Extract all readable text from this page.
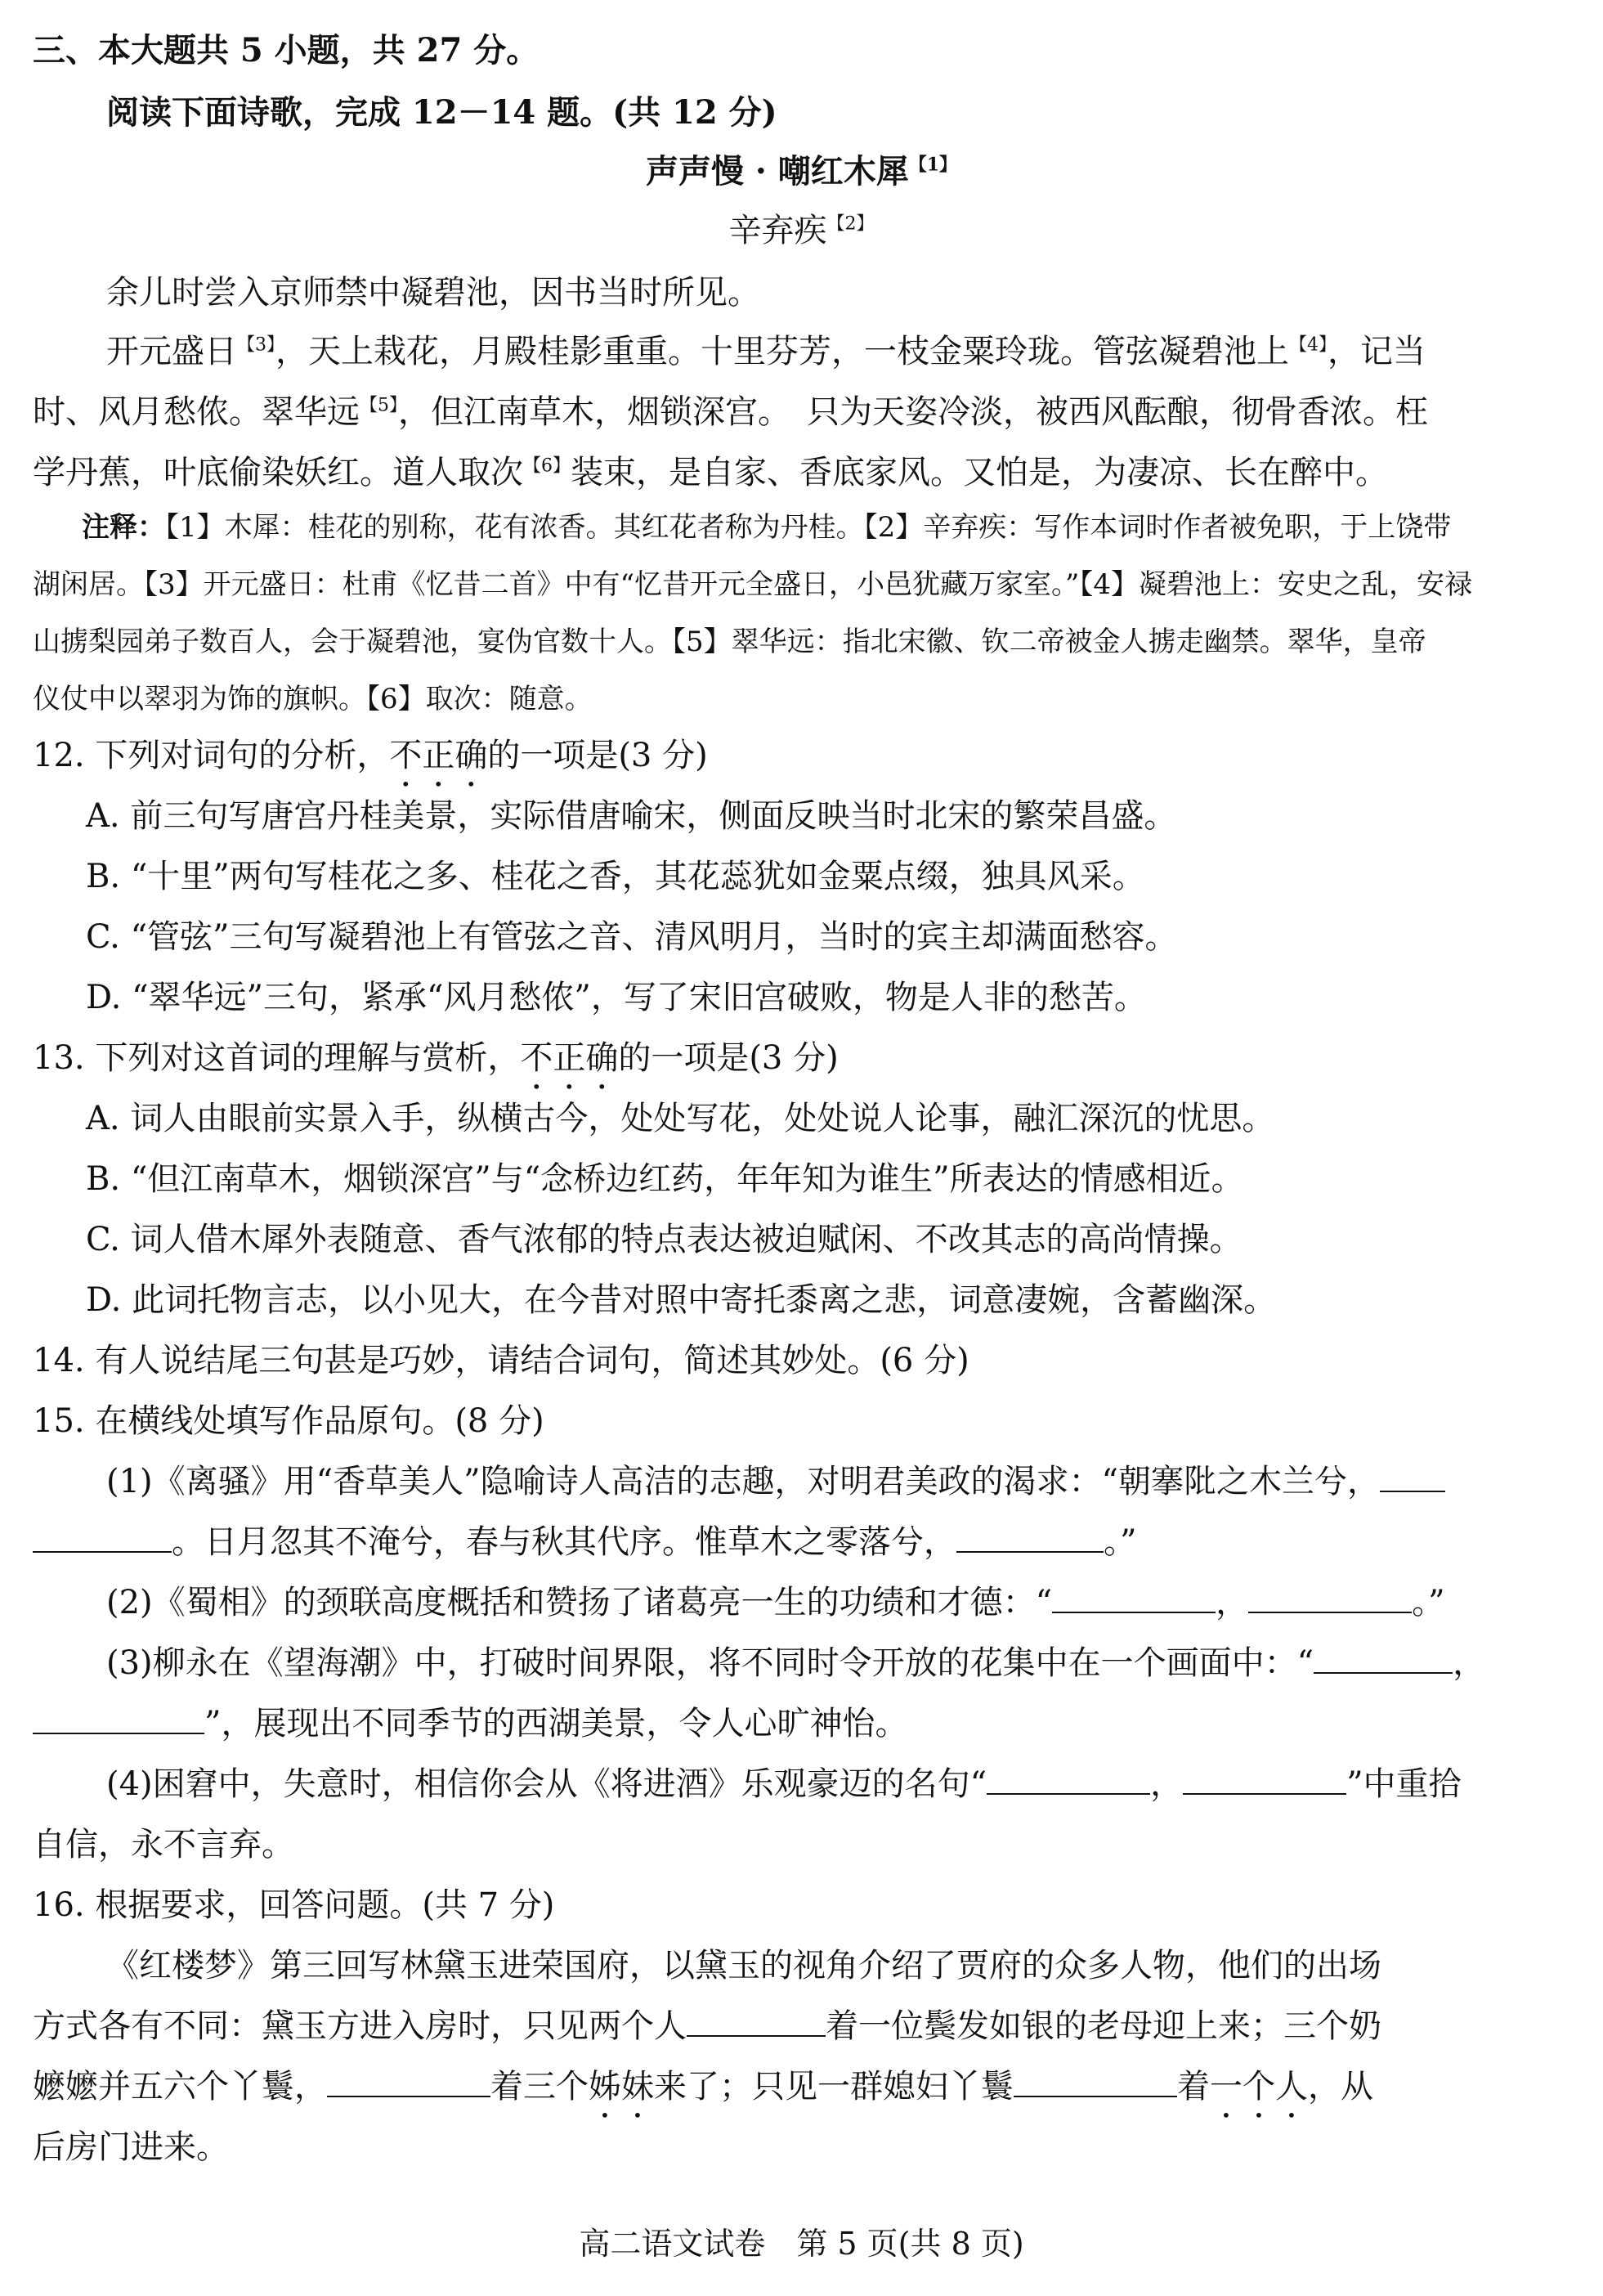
三、本大题共 5 小题，共 27 分。
阅读下面诗歌，完成 12－14 题。(共 12 分)
声声慢 · 嘲红木犀$^{【1】}$
辛弃疾$^{【2】}$
余儿时尝入京师禁中凝碧池，因书当时所见。
开元盛日$^{【3】}$，天上栽花，月殿桂影重重。十里芬芳，一枝金粟玲珑。管弦凝碧池上$^{【4】}$，记当
时、风月愁侬。翠华远$^{【5】}$，但江南草木，烟锁深宫。　只为天姿冷淡，被西风酝酿，彻骨香浓。枉
学丹蕉，叶底偷染妖红。道人取次$^{【6】}$装束，是自家、香底家风。又怕是，为凄凉、长在醉中。
注释：【1】木犀：桂花的别称，花有浓香。其红花者称为丹桂。【2】辛弃疾：写作本词时作者被免职，于上饶带
湖闲居。【3】开元盛日：杜甫《忆昔二首》中有“忆昔开元全盛日，小邑犹藏万家室。”【4】凝碧池上：安史之乱，安禄
山掳梨园弟子数百人，会于凝碧池，宴伪官数十人。【5】翠华远：指北宋徽、钦二帝被金人掳走幽禁。翠华，皇帝
仪仗中以翠羽为饰的旗帜。【6】取次：随意。
12. 下列对词句的分析，不正确的一项是(3 分)
A. 前三句写唐宫丹桂美景，实际借唐喻宋，侧面反映当时北宋的繁荣昌盛。
B. “十里”两句写桂花之多、桂花之香，其花蕊犹如金粟点缀，独具风采。
C. “管弦”三句写凝碧池上有管弦之音、清风明月，当时的宾主却满面愁容。
D. “翠华远”三句，紧承“风月愁侬”，写了宋旧宫破败，物是人非的愁苦。
13. 下列对这首词的理解与赏析，不正确的一项是(3 分)
A. 词人由眼前实景入手，纵横古今，处处写花，处处说人论事，融汇深沉的忧思。
B. “但江南草木，烟锁深宫”与“念桥边红药，年年知为谁生”所表达的情感相近。
C. 词人借木犀外表随意、香气浓郁的特点表达被迫赋闲、不改其志的高尚情操。
D. 此词托物言志，以小见大，在今昔对照中寄托黍离之悲，词意凄婉，含蓄幽深。
14. 有人说结尾三句甚是巧妙，请结合词句，简述其妙处。(6 分)
15. 在横线处填写作品原句。(8 分)
(1)《离骚》用“香草美人”隐喻诗人高洁的志趣，对明君美政的渴求：“朝搴阰之木兰兮，
。日月忽其不淹兮，春与秋其代序。惟草木之零落兮，	。”
(2)《蜀相》的颈联高度概括和赞扬了诸葛亮一生的功绩和才德：“	，	。”
(3)柳永在《望海潮》中，打破时间界限，将不同时令开放的花集中在一个画面中：“	，
”，展现出不同季节的西湖美景，令人心旷神怡。
(4)困窘中，失意时，相信你会从《将进酒》乐观豪迈的名句“	，	”中重拾
自信，永不言弃。
16. 根据要求，回答问题。(共 7 分)
《红楼梦》第三回写林黛玉进荣国府，以黛玉的视角介绍了贾府的众多人物，他们的出场
方式各有不同：黛玉方进入房时，只见两个人	着一位鬓发如银的老母迎上来；三个奶
嬷嬷并五六个丫鬟，	着三个姊妹来了；只见一群媳妇丫鬟	着一个人，从
后房门进来。
高二语文试卷　第 5 页(共 8 页)
